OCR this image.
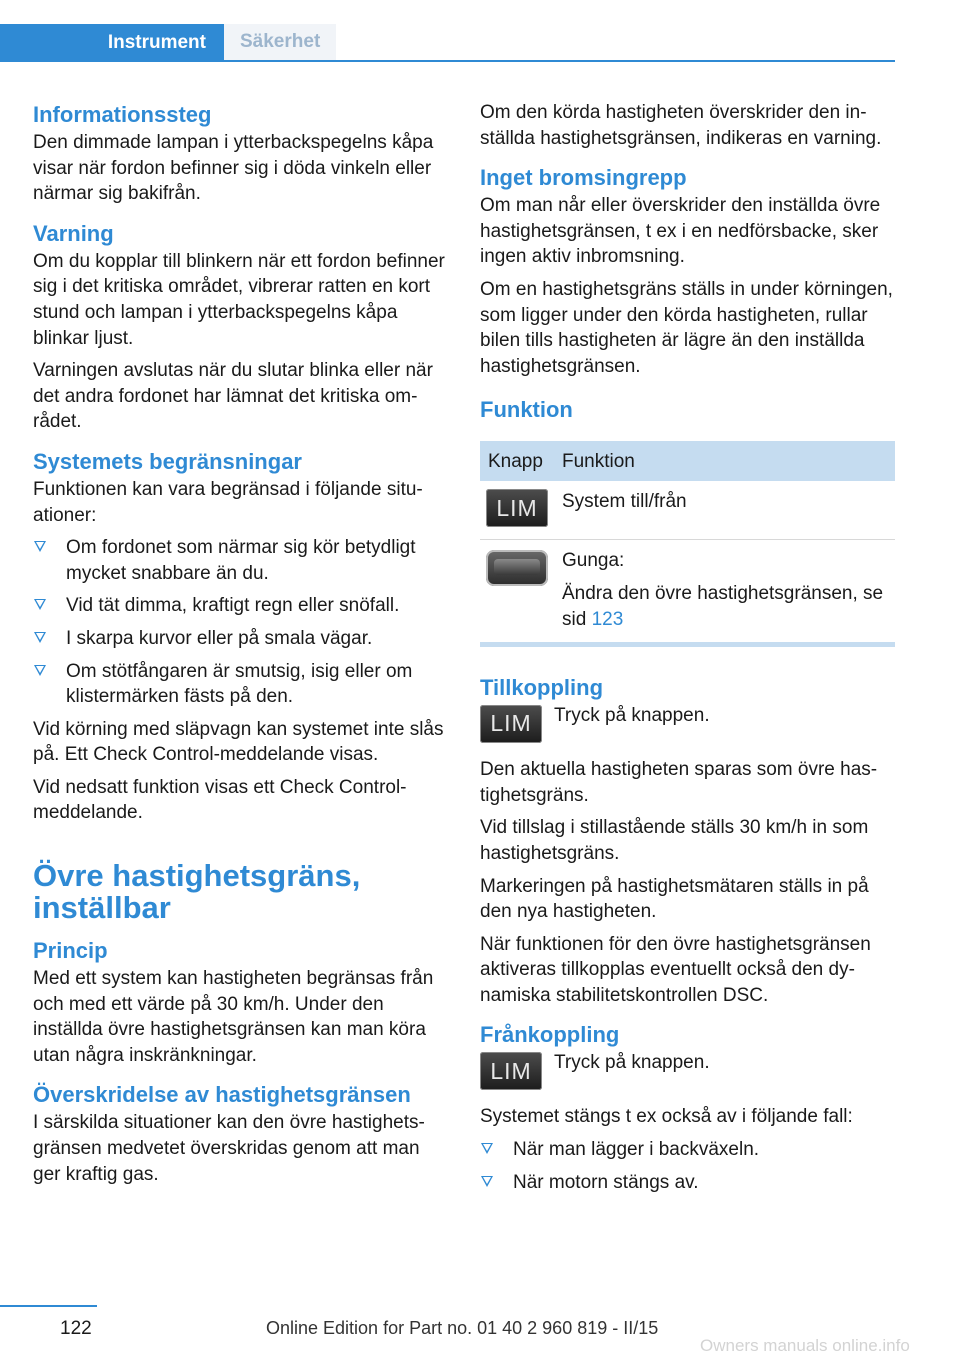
Instrument	Säkerhet
Informationssteg

Den dimmade lampan i ytterbackspegelns kåpa visar när fordon befinner sig i döda vinkeln eller närmar sig bakifrån.

Varning

Om du kopplar till blinkern när ett fordon befinner sig i det kritiska området, vibrerar ratten en kort stund och lampan i ytterbackspegelns kåpa blinkar ljust.

Varningen avslutas när du slutar blinka eller när det andra fordonet har lämnat det kritiska området.

Systemets begränsningar

Funktionen kan vara begränsad i följande situationer:

Om fordonet som närmar sig kör betydligt mycket snabbare än du.
Vid tät dimma, kraftigt regn eller snöfall.
I skarpa kurvor eller på smala vägar.
Om stötfångaren är smutsig, isig eller om klistermärken fästs på den.

Vid körning med släpvagn kan systemet inte slås på. Ett Check Control-meddelande visas.

Vid nedsatt funktion visas ett Check Control-meddelande.

Övre hastighetsgräns, inställbar
Princip

Med ett system kan hastigheten begränsas från och med ett värde på 30 km/h. Under den inställda övre hastighetsgränsen kan man köra utan några inskränkningar.

Överskridelse av hastighetsgränsen

I särskilda situationer kan den övre hastighetsgränsen medvetet överskridas genom att man ger kraftig gas.

Om den körda hastigheten överskrider den inställda hastighetsgränsen, indikeras en varning.

Inget bromsingrepp

Om man når eller överskrider den inställda övre hastighetsgränsen, t ex i en nedförsbacke, sker ingen aktiv inbromsning.

Om en hastighetsgräns ställs in under körningen, som ligger under den körda hastigheten, rullar bilen tills hastigheten är lägre än den inställda hastighetsgränsen.

Funktion
Knapp	Funktion

LIM	System till/från

	Gunga:
Ändra den övre hastighetsgränsen, se sid 123
Tillkoppling
LIM	Tryck på knappen.

Den aktuella hastigheten sparas som övre hastighetsgräns.

Vid tillslag i stillastående ställs 30 km/h in som hastighetsgräns.

Markeringen på hastighetsmätaren ställs in på den nya hastigheten.

När funktionen för den övre hastighetsgränsen aktiveras tillkopplas eventuellt också den dynamiska stabilitetskontrollen DSC.

Frånkoppling
LIM	Tryck på knappen.

Systemet stängs t ex också av i följande fall:

När man lägger i backväxeln.
När motorn stängs av.
122	Online Edition for Part no. 01 40 2 960 819 - II/15
Owners manuals online.info
